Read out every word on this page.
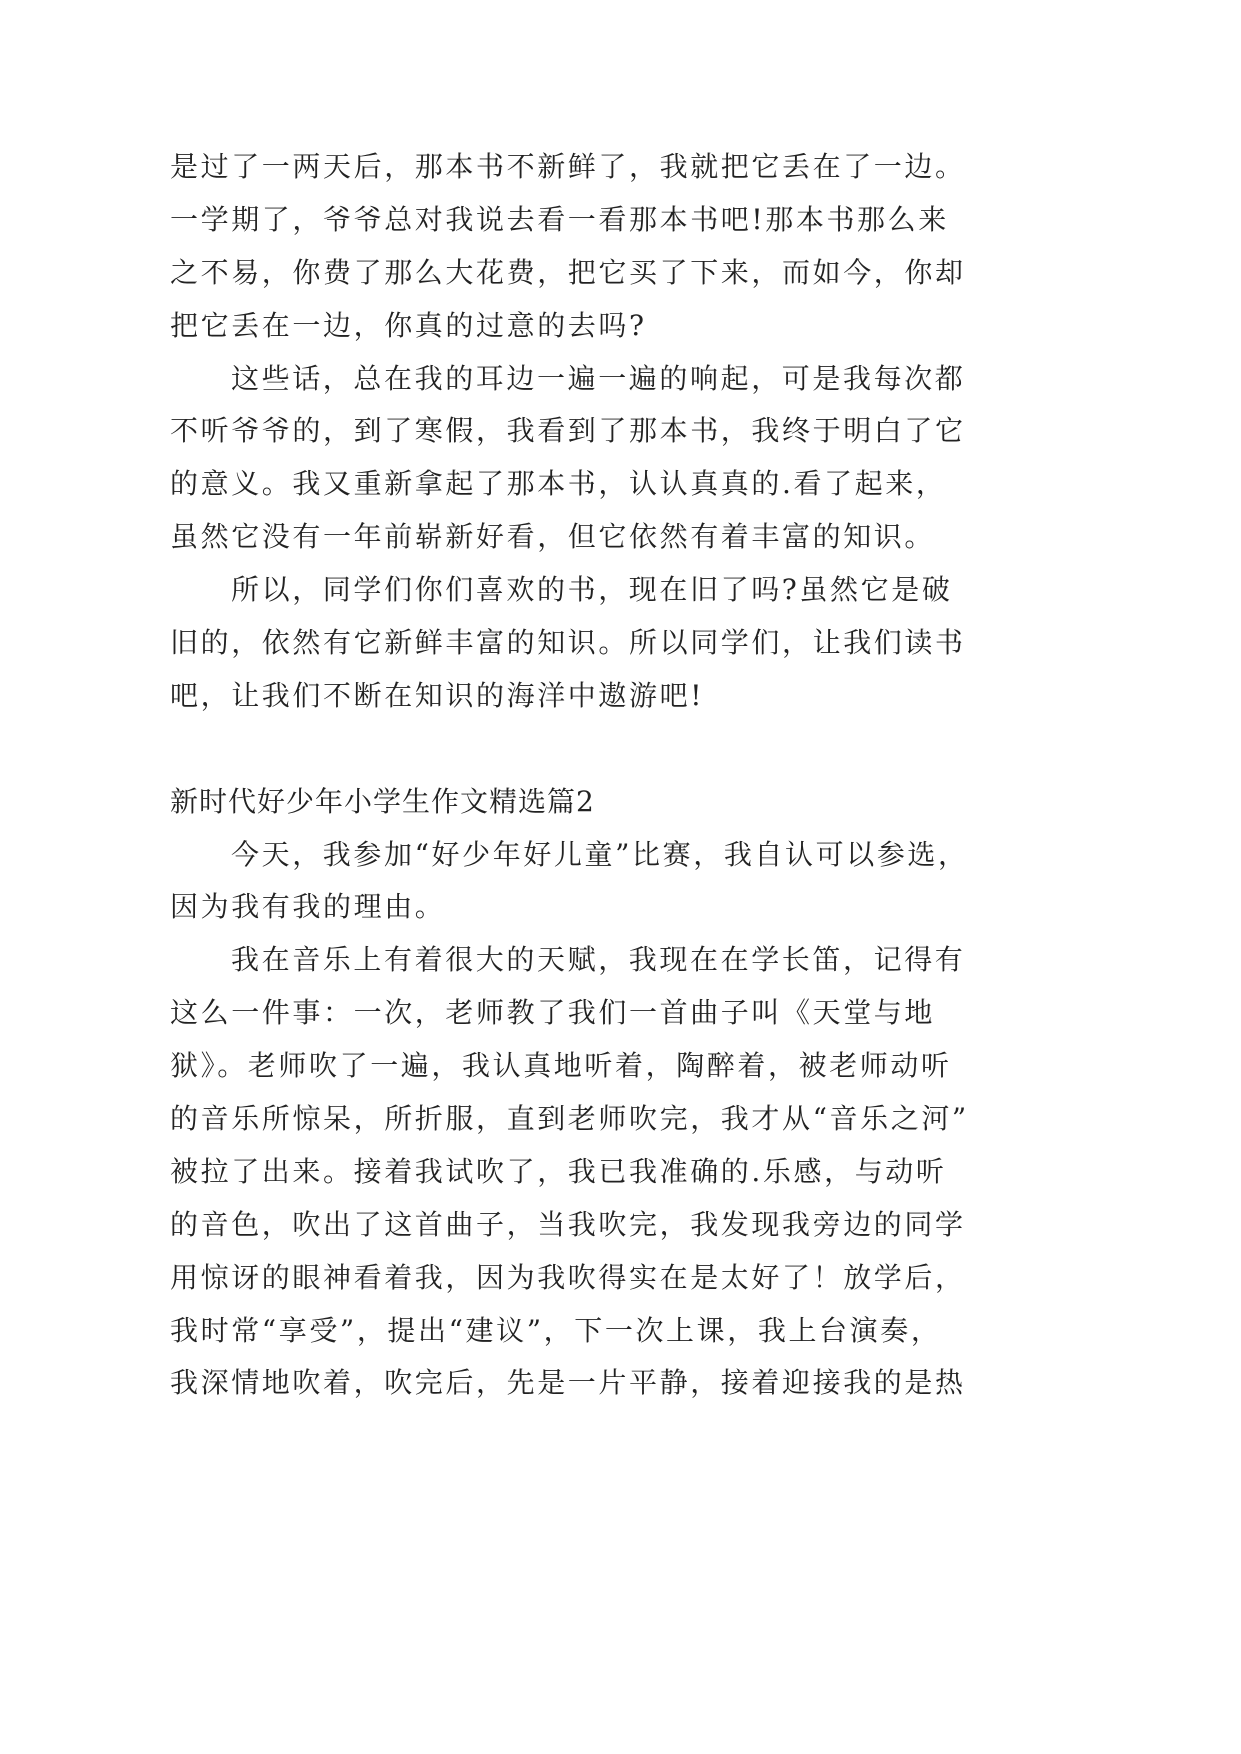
是过了一两天后，那本书不新鲜了，我就把它丢在了一边。
一学期了，爷爷总对我说去看一看那本书吧!那本书那么来
之不易，你费了那么大花费，把它买了下来，而如今，你却
把它丢在一边，你真的过意的去吗?
这些话，总在我的耳边一遍一遍的响起，可是我每次都
不听爷爷的，到了寒假，我看到了那本书，我终于明白了它
的意义。我又重新拿起了那本书，认认真真的.看了起来，
虽然它没有一年前崭新好看，但它依然有着丰富的知识。
所以，同学们你们喜欢的书，现在旧了吗?虽然它是破
旧的，依然有它新鲜丰富的知识。所以同学们，让我们读书
吧，让我们不断在知识的海洋中遨游吧!
新时代好少年小学生作文精选篇2
今天，我参加“好少年好儿童”比赛，我自认可以参选，
因为我有我的理由。
我在音乐上有着很大的天赋，我现在在学长笛，记得有
这么一件事：一次，老师教了我们一首曲子叫《天堂与地
狱》。老师吹了一遍，我认真地听着，陶醉着，被老师动听
的音乐所惊呆，所折服，直到老师吹完，我才从“音乐之河”
被拉了出来。接着我试吹了，我已我准确的.乐感，与动听
的音色，吹出了这首曲子，当我吹完，我发现我旁边的同学
用惊讶的眼神看着我，因为我吹得实在是太好了！放学后，
我时常“享受”，提出“建议”，下一次上课，我上台演奏，
我深情地吹着，吹完后，先是一片平静，接着迎接我的是热
